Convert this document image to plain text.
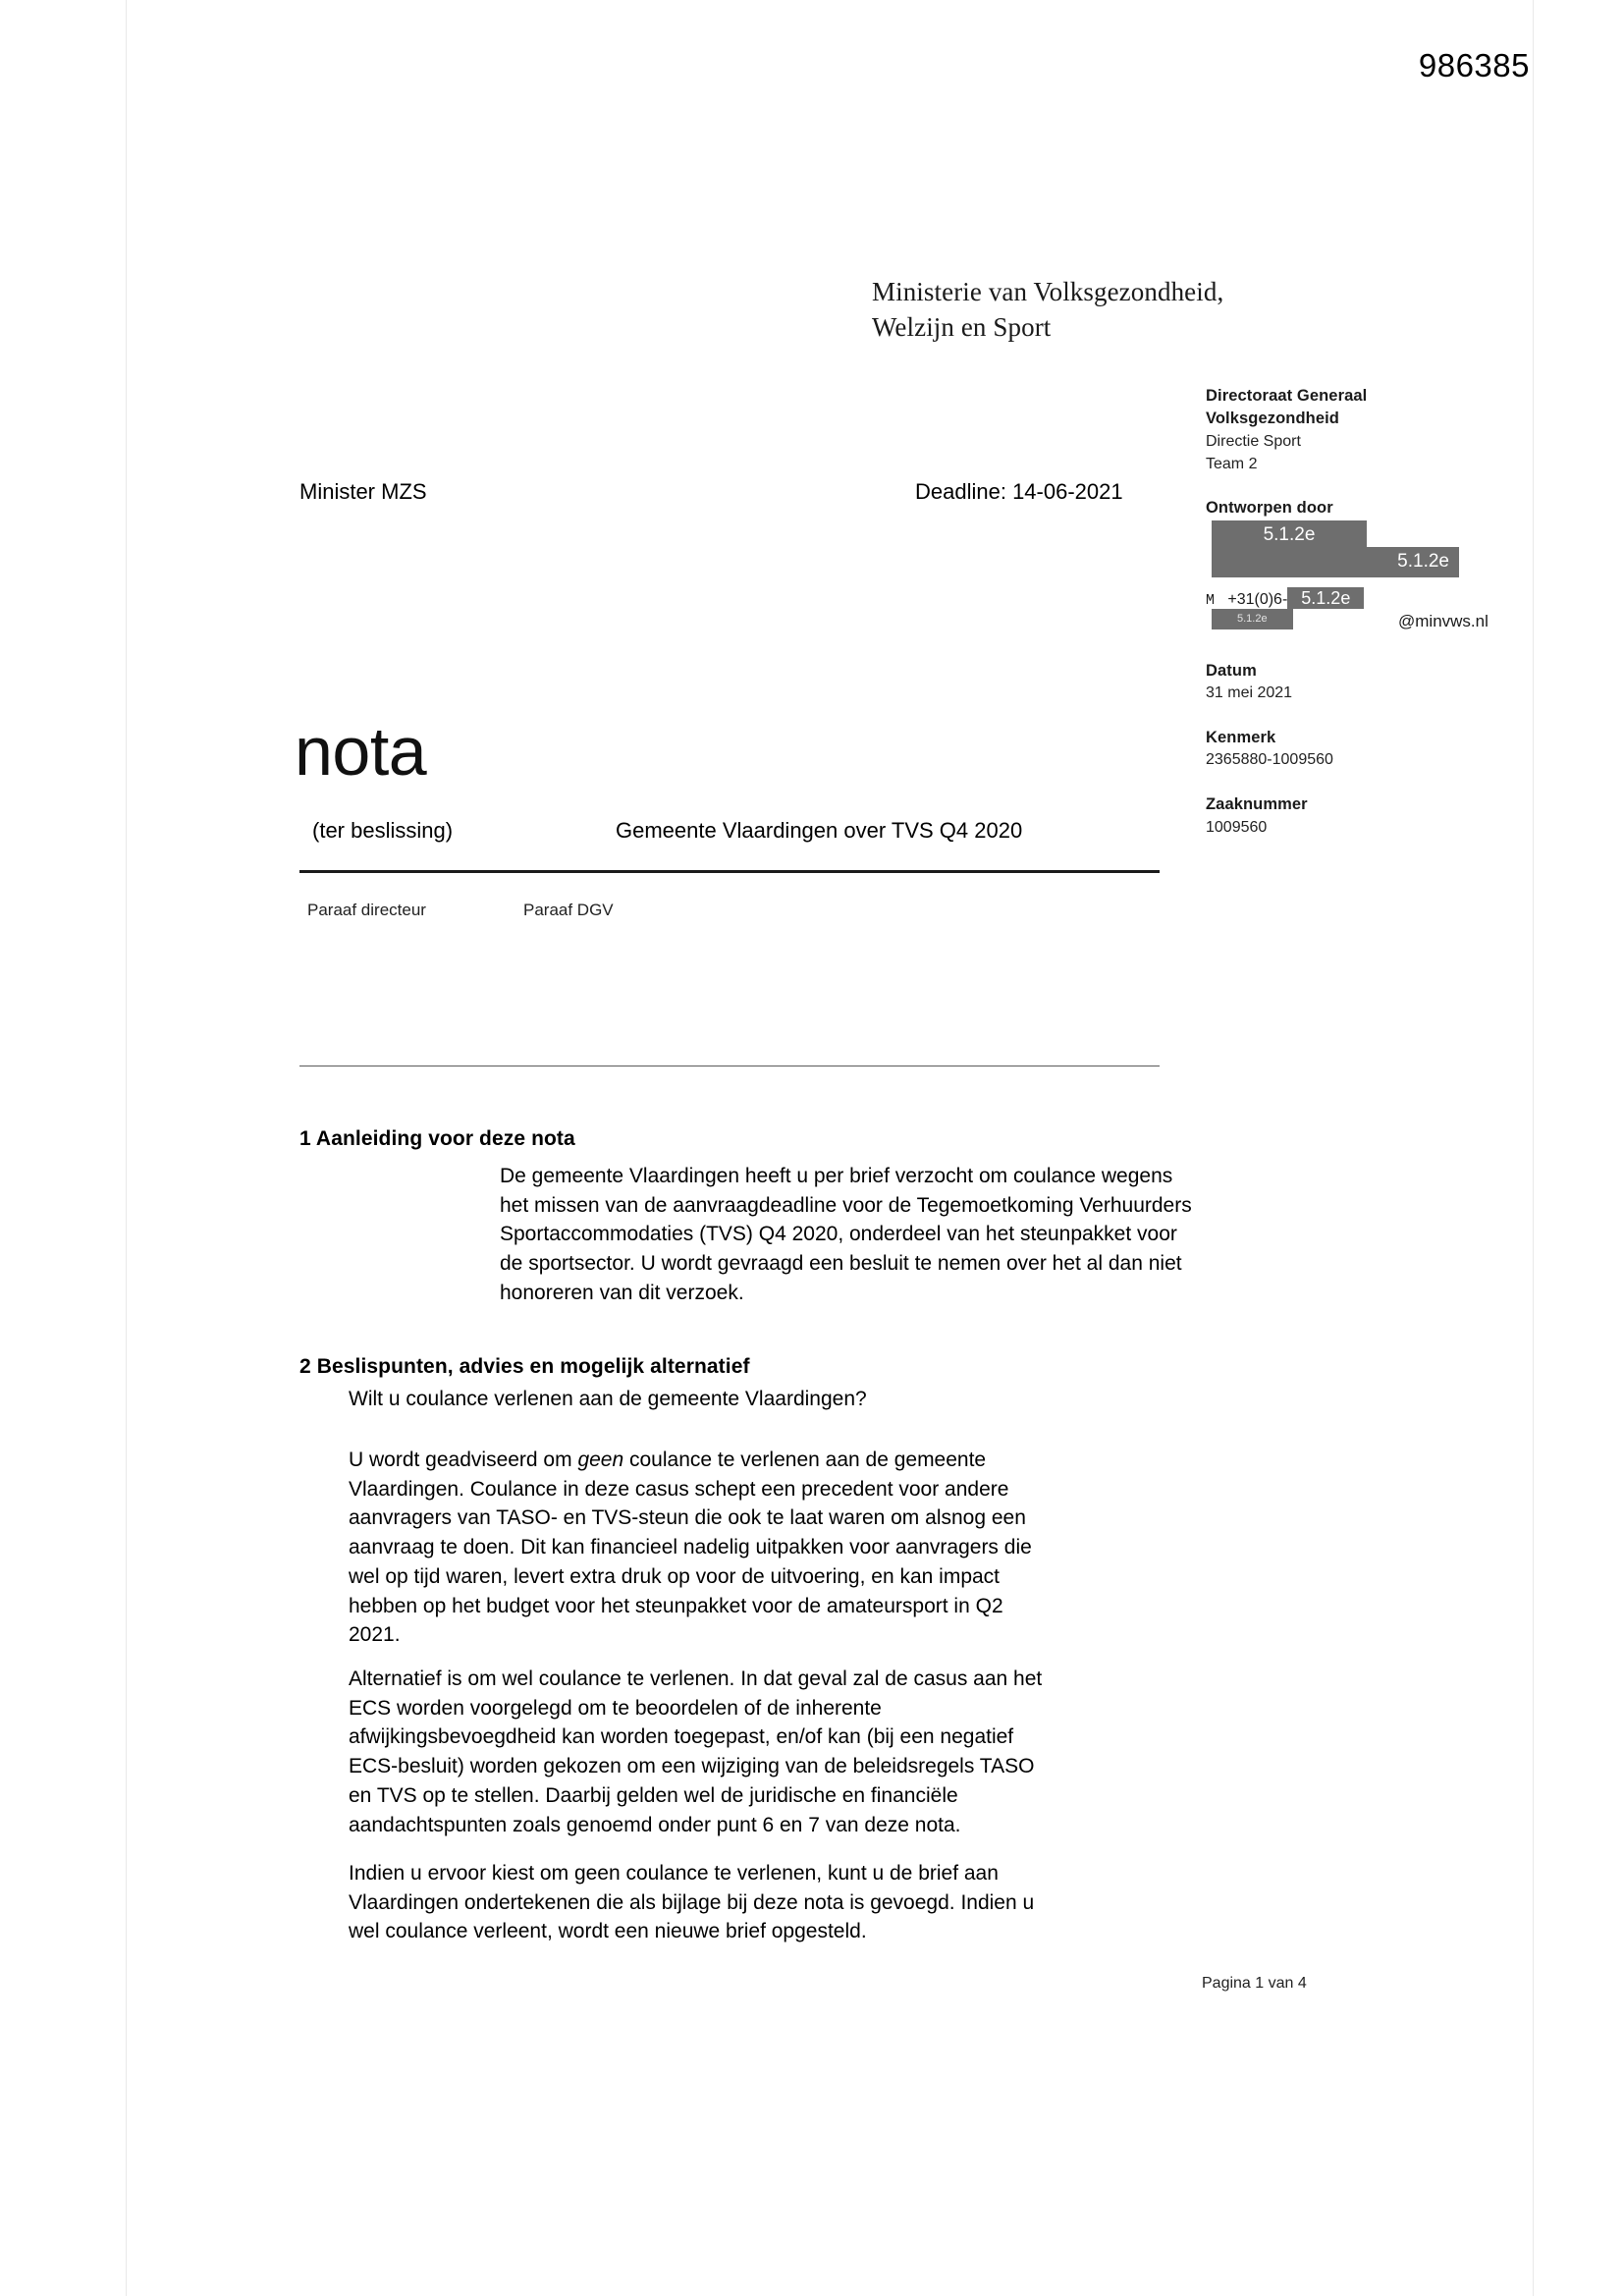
986385
Ministerie van Volksgezondheid,
Welzijn en Sport
Minister MZS	Deadline: 14-06-2021
Directoraat Generaal
Volksgezondheid
Directie Sport
Team 2
Ontworpen door
5.1.2e
5.1.2e
M +31(0)6- 5.1.2e
5.1.2e	@minvws.nl
Datum
31 mei 2021
Kenmerk
2365880-1009560
Zaaknummer
1009560
nota
(ter beslissing)	Gemeente Vlaardingen over TVS Q4 2020
Paraaf directeur	Paraaf DGV
1 Aanleiding voor deze nota
De gemeente Vlaardingen heeft u per brief verzocht om coulance wegens het missen van de aanvraagdeadline voor de Tegemoetkoming Verhuurders Sportaccommodaties (TVS) Q4 2020, onderdeel van het steunpakket voor de sportsector. U wordt gevraagd een besluit te nemen over het al dan niet honoreren van dit verzoek.
2 Beslispunten, advies en mogelijk alternatief
Wilt u coulance verlenen aan de gemeente Vlaardingen?
U wordt geadviseerd om geen coulance te verlenen aan de gemeente Vlaardingen. Coulance in deze casus schept een precedent voor andere aanvragers van TASO- en TVS-steun die ook te laat waren om alsnog een aanvraag te doen. Dit kan financieel nadelig uitpakken voor aanvragers die wel op tijd waren, levert extra druk op voor de uitvoering, en kan impact hebben op het budget voor het steunpakket voor de amateursport in Q2 2021.
Alternatief is om wel coulance te verlenen. In dat geval zal de casus aan het ECS worden voorgelegd om te beoordelen of de inherente afwijkingsbevoegdheid kan worden toegepast, en/of kan (bij een negatief ECS-besluit) worden gekozen om een wijziging van de beleidsregels TASO en TVS op te stellen. Daarbij gelden wel de juridische en financiële aandachtspunten zoals genoemd onder punt 6 en 7 van deze nota.
Indien u ervoor kiest om geen coulance te verlenen, kunt u de brief aan Vlaardingen ondertekenen die als bijlage bij deze nota is gevoegd. Indien u wel coulance verleent, wordt een nieuwe brief opgesteld.
Pagina 1 van 4
